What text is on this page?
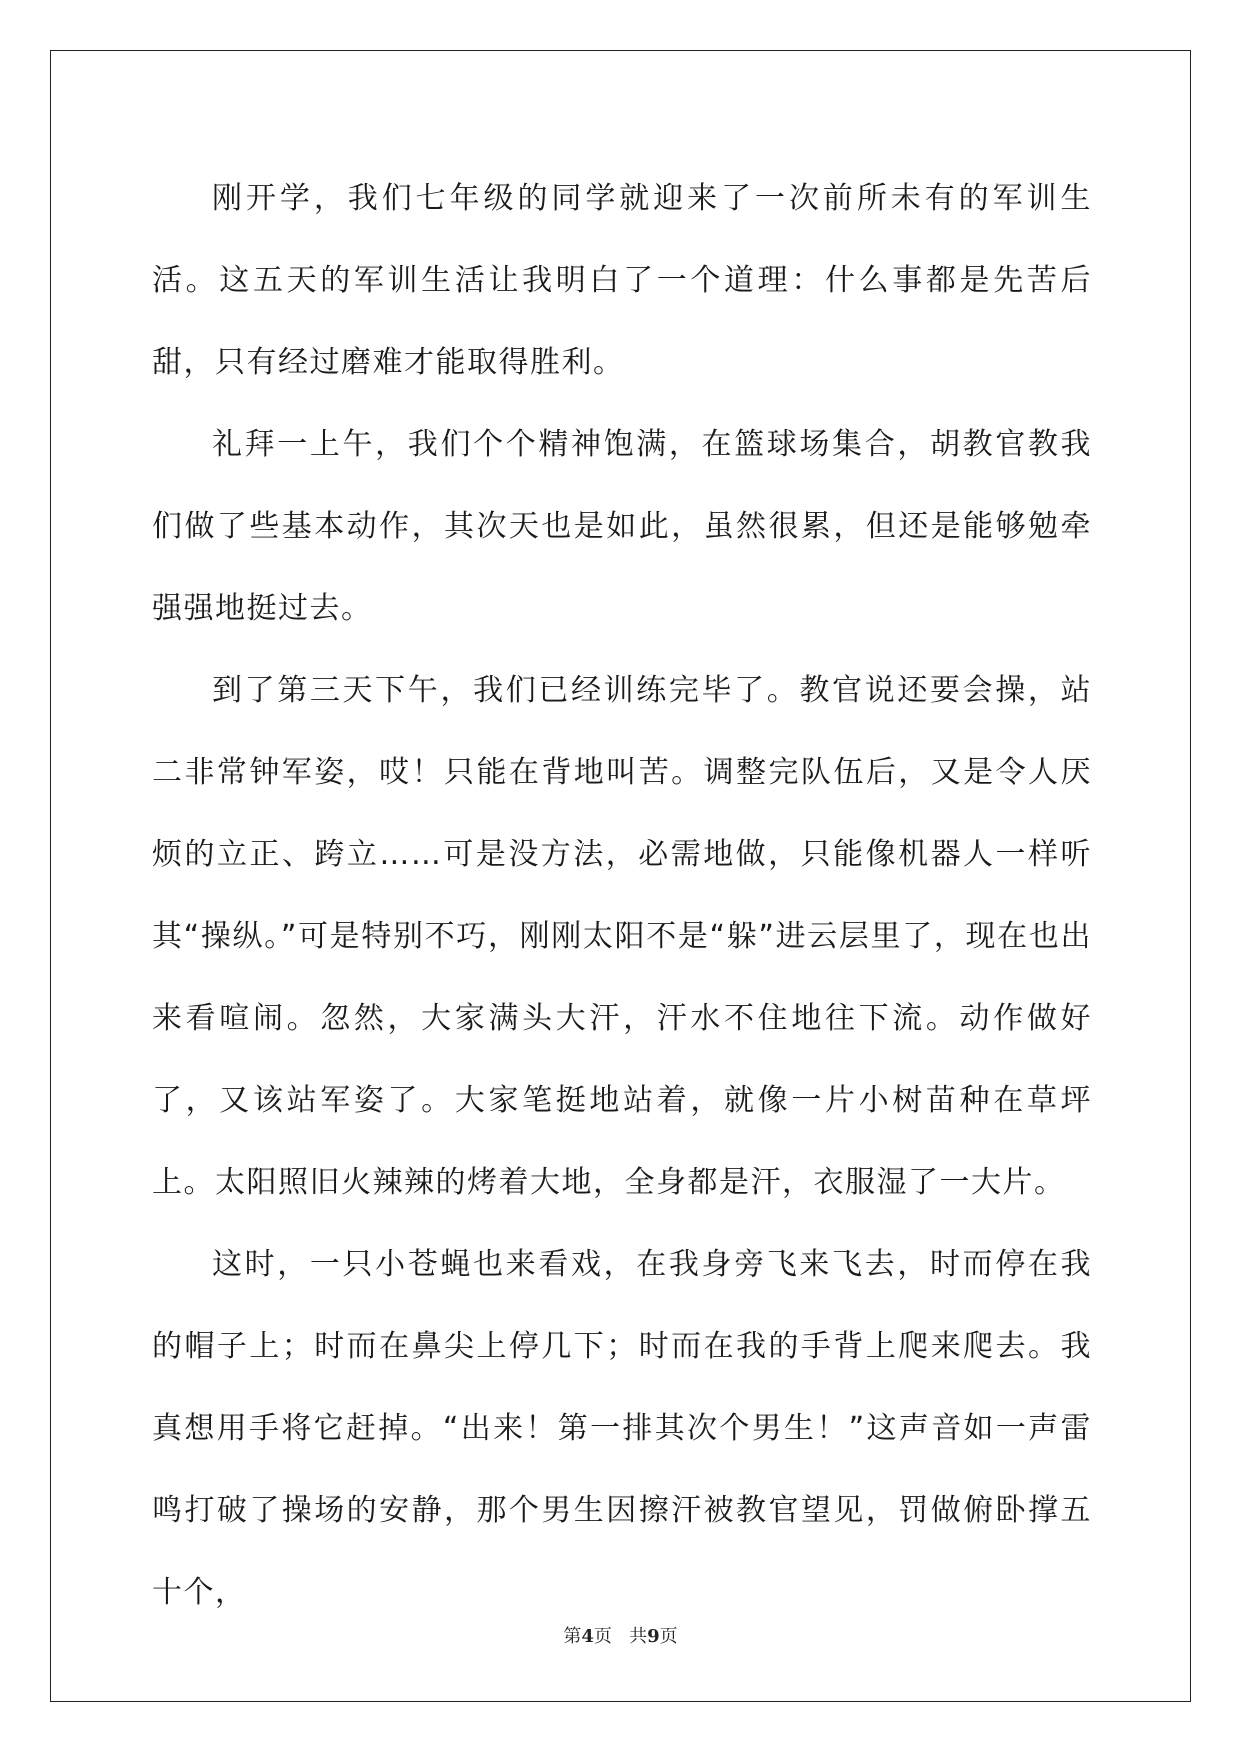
刚开学，我们七年级的同学就迎来了一次前所未有的军训生活。这五天的军训生活让我明白了一个道理：什么事都是先苦后甜，只有经过磨难才能取得胜利。

礼拜一上午，我们个个精神饱满，在篮球场集合，胡教官教我们做了些基本动作，其次天也是如此，虽然很累，但还是能够勉牵强强地挺过去。

到了第三天下午，我们已经训练完毕了。教官说还要会操，站二非常钟军姿，哎！只能在背地叫苦。调整完队伍后，又是令人厌烦的立正、跨立……可是没方法，必需地做，只能像机器人一样听其“操纵。”可是特别不巧，刚刚太阳不是“躲”进云层里了，现在也出来看喧闹。忽然，大家满头大汗，汗水不住地往下流。动作做好了，又该站军姿了。大家笔挺地站着，就像一片小树苗种在草坪上。太阳照旧火辣辣的烤着大地，全身都是汗，衣服湿了一大片。

这时，一只小苍蝇也来看戏，在我身旁飞来飞去，时而停在我的帽子上；时而在鼻尖上停几下；时而在我的手背上爬来爬去。我真想用手将它赶掉。“出来！第一排其次个男生！”这声音如一声雷鸣打破了操场的安静，那个男生因擦汗被教官望见，罚做俯卧撑五十个，

第4页 共9页
